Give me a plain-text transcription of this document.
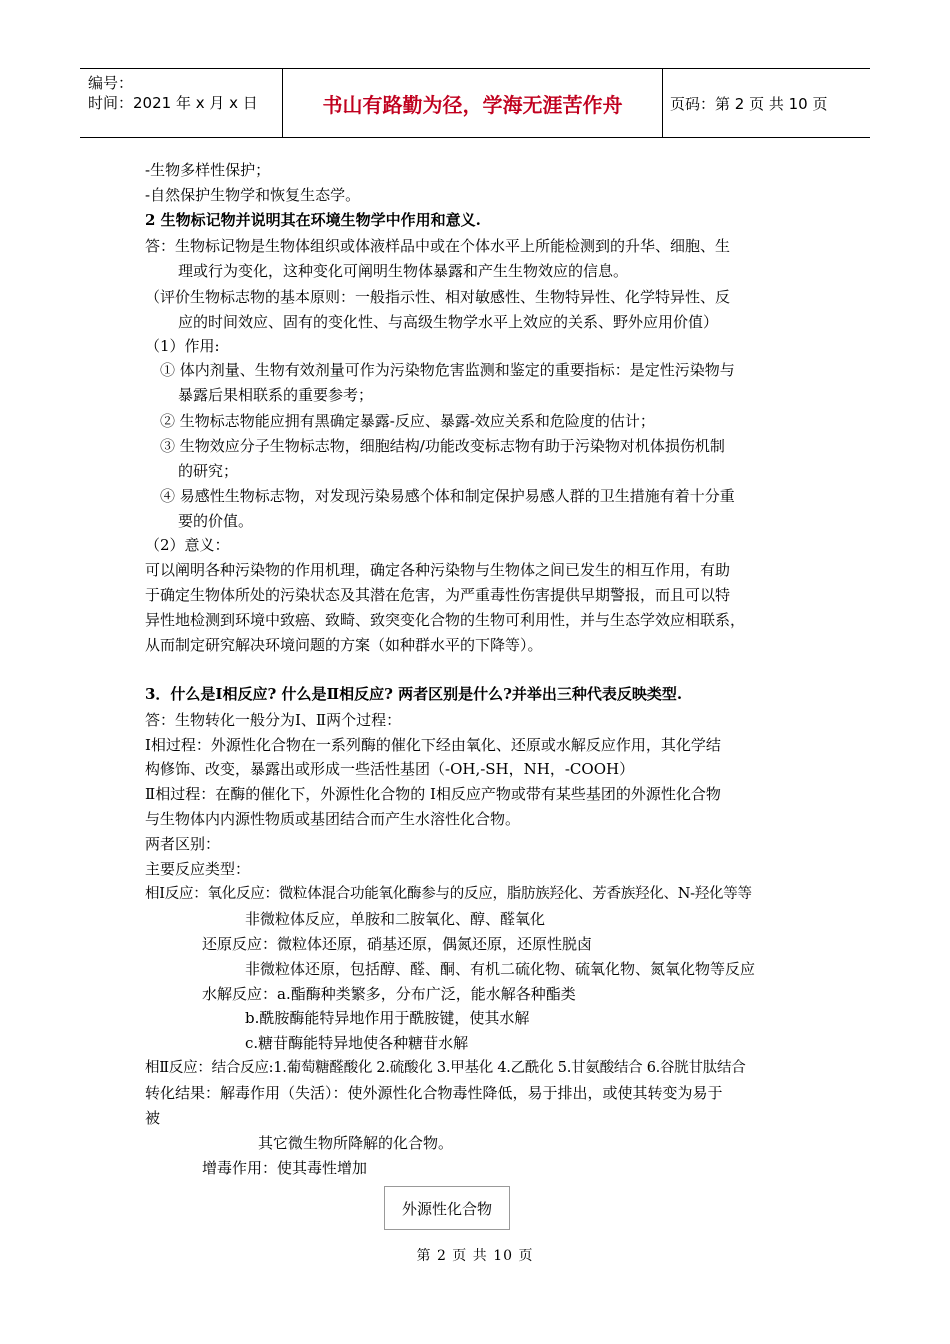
编号：
时间：2021 年 x 月 x 日	书山有路勤为径，学海无涯苦作舟	页码：第 2 页 共 10 页
-生物多样性保护；
-自然保护生物学和恢复生态学。
2 生物标记物并说明其在环境生物学中作用和意义.
答：生物标记物是生物体组织或体液样品中或在个体水平上所能检测到的升华、细胞、生
理或行为变化，这种变化可阐明生物体暴露和产生生物效应的信息。
（评价生物标志物的基本原则：一般指示性、相对敏感性、生物特异性、化学特异性、反
应的时间效应、固有的变化性、与高级生物学水平上效应的关系、野外应用价值）
（1）作用:
① 体内剂量、生物有效剂量可作为污染物危害监测和鉴定的重要指标：是定性污染物与
暴露后果相联系的重要参考；
② 生物标志物能应拥有黑确定暴露-反应、暴露-效应关系和危险度的估计；
③ 生物效应分子生物标志物，细胞结构/功能改变标志物有助于污染物对机体损伤机制
的研究；
④ 易感性生物标志物，对发现污染易感个体和制定保护易感人群的卫生措施有着十分重
要的价值。
（2）意义：
可以阐明各种污染物的作用机理，确定各种污染物与生物体之间已发生的相互作用，有助
于确定生物体所处的污染状态及其潜在危害，为严重毒性伤害提供早期警报，而且可以特
异性地检测到环境中致癌、致畸、致突变化合物的生物可利用性，并与生态学效应相联系，
从而制定研究解决环境问题的方案（如种群水平的下降等）。
3．什么是Ⅰ相反应? 什么是Ⅱ相反应? 两者区别是什么?并举出三种代表反映类型.
答：生物转化一般分为Ⅰ、Ⅱ两个过程：
Ⅰ相过程：外源性化合物在一系列酶的催化下经由氧化、还原或水解反应作用，其化学结
构修饰、改变，暴露出或形成一些活性基团（-OH,-SH，NH，-COOH）
Ⅱ相过程：在酶的催化下，外源性化合物的 Ⅰ相反应产物或带有某些基团的外源性化合物
与生物体内内源性物质或基团结合而产生水溶性化合物。
两者区别：
主要反应类型：
相Ⅰ反应：氧化反应：微粒体混合功能氧化酶参与的反应，脂肪族羟化、芳香族羟化、N-羟化等等
非微粒体反应，单胺和二胺氧化、醇、醛氧化
还原反应：微粒体还原，硝基还原，偶氮还原，还原性脱卤
非微粒体还原，包括醇、醛、酮、有机二硫化物、硫氧化物、氮氧化物等反应
水解反应：a.酯酶种类繁多，分布广泛，能水解各种酯类
b.酰胺酶能特异地作用于酰胺键，使其水解
c.糖苷酶能特异地使各种糖苷水解
相Ⅱ反应：结合反应:1.葡萄糖醛酸化 2.硫酸化 3.甲基化 4.乙酰化 5.甘氨酸结合 6.谷胱甘肽结合
转化结果：解毒作用（失活）：使外源性化合物毒性降低，易于排出，或使其转变为易于
被
其它微生物所降解的化合物。
增毒作用：使其毒性增加
外源性化合物
第 2 页 共 10 页
